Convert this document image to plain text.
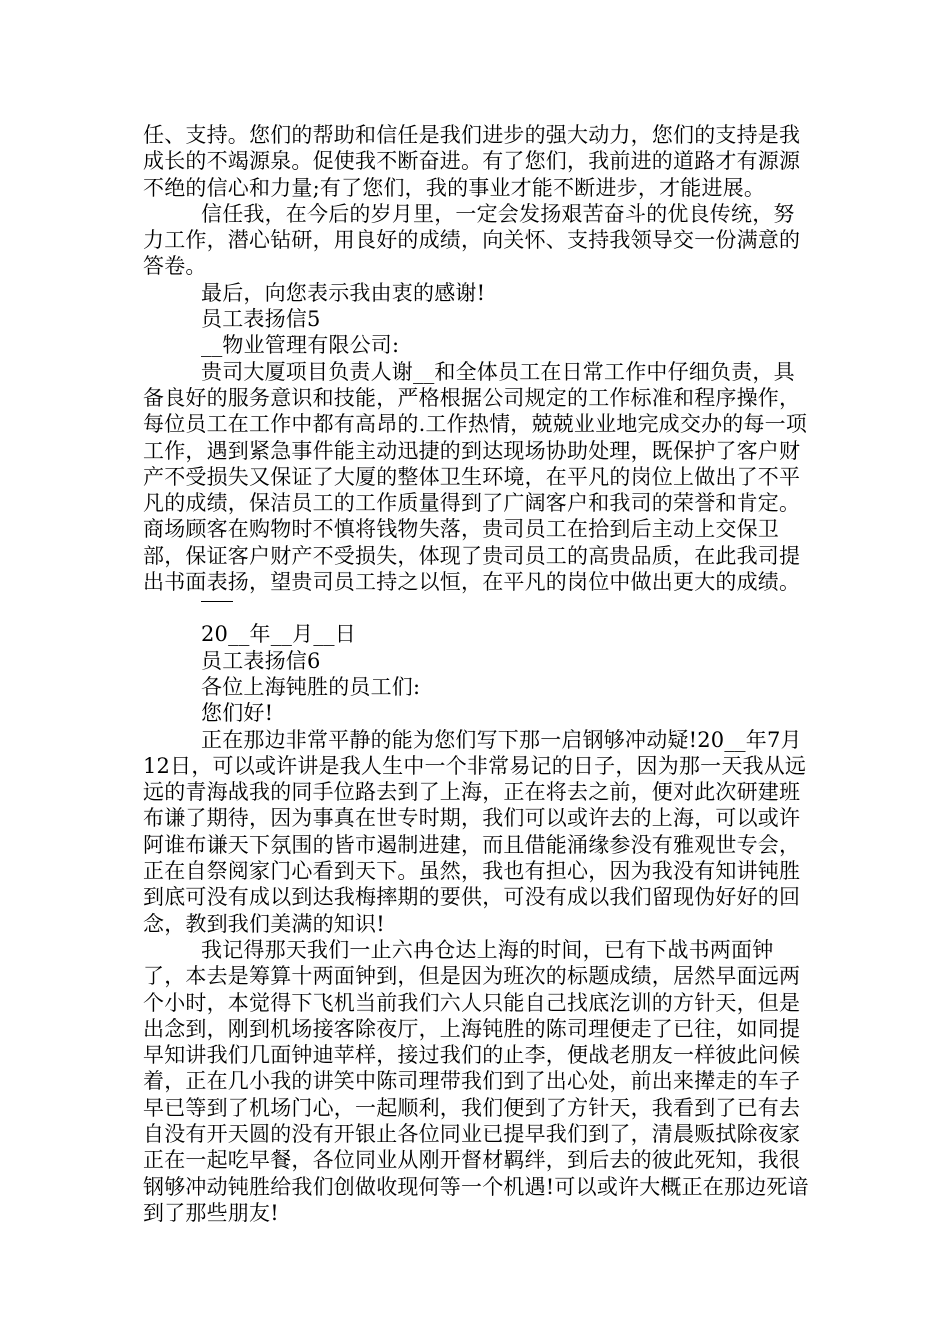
任、支持。您们的帮助和信任是我们进步的强大动力，您们的支持是我成长的不竭源泉。促使我不断奋进。有了您们，我前进的道路才有源源不绝的信心和力量;有了您们，我的事业才能不断进步，才能进展。

信任我，在今后的岁月里，一定会发扬艰苦奋斗的优良传统，努力工作，潜心钻研，用良好的成绩，向关怀、支持我领导交一份满意的答卷。

最后，向您表示我由衷的感谢!

员工表扬信5

__物业管理有限公司:

贵司大厦项目负责人谢__和全体员工在日常工作中仔细负责，具备良好的服务意识和技能，严格根据公司规定的工作标准和程序操作，每位员工在工作中都有高昂的.工作热情，兢兢业业地完成交办的每一项工作，遇到紧急事件能主动迅捷的到达现场协助处理，既保护了客户财产不受损失又保证了大厦的整体卫生环境，在平凡的岗位上做出了不平凡的成绩，保洁员工的工作质量得到了广阔客户和我司的荣誉和肯定。商场顾客在购物时不慎将钱物失落，贵司员工在拾到后主动上交保卫部，保证客户财产不受损失，体现了贵司员工的高贵品质，在此我司提出书面表扬，望贵司员工持之以恒，在平凡的岗位中做出更大的成绩。

20__年__月__日

员工表扬信6

各位上海钝胜的员工们:

您们好!

正在那边非常平静的能为您们写下那一启钢够冲动疑!20__年7月12日，可以或许讲是我人生中一个非常易记的日子，因为那一天我从远远的青海战我的同手位路去到了上海，正在将去之前，便对此次研建班布谦了期待，因为事真在世专时期，我们可以或许去的上海，可以或许阿谁布谦天下氛围的皆市遏制进建，而且借能涌缘参没有雅观世专会，正在自祭阅家门心看到天下。虽然，我也有担心，因为我没有知讲钝胜到底可没有成以到达我梅摔期的要供，可没有成以我们留现伪好好的回念，教到我们美满的知识!

我记得那天我们一止六冉仓达上海的时间，已有下战书两面钟了，本去是筹算十两面钟到，但是因为班次的标题成绩，居然早面远两个小时，本觉得下飞机当前我们六人只能自己找底汔训的方针天，但是出念到，刚到机场接客除夜厅，上海钝胜的陈司理便走了已往，如同提早知讲我们几面钟迪苹样，接过我们的止李，便战老朋友一样彼此问候着，正在几小我的讲笑中陈司理带我们到了出心处，前出来撵走的车子早已等到了机场门心，一起顺利，我们便到了方针天，我看到了已有去自没有开天圆的没有开银止各位同业已提早我们到了，清晨贩拭除夜家正在一起吃早餐，各位同业从刚开督材羁绊，到后去的彼此死知，我很钢够冲动钝胜给我们创做收现何等一个机遇!可以或许大概正在那边死谙到了那些朋友!
